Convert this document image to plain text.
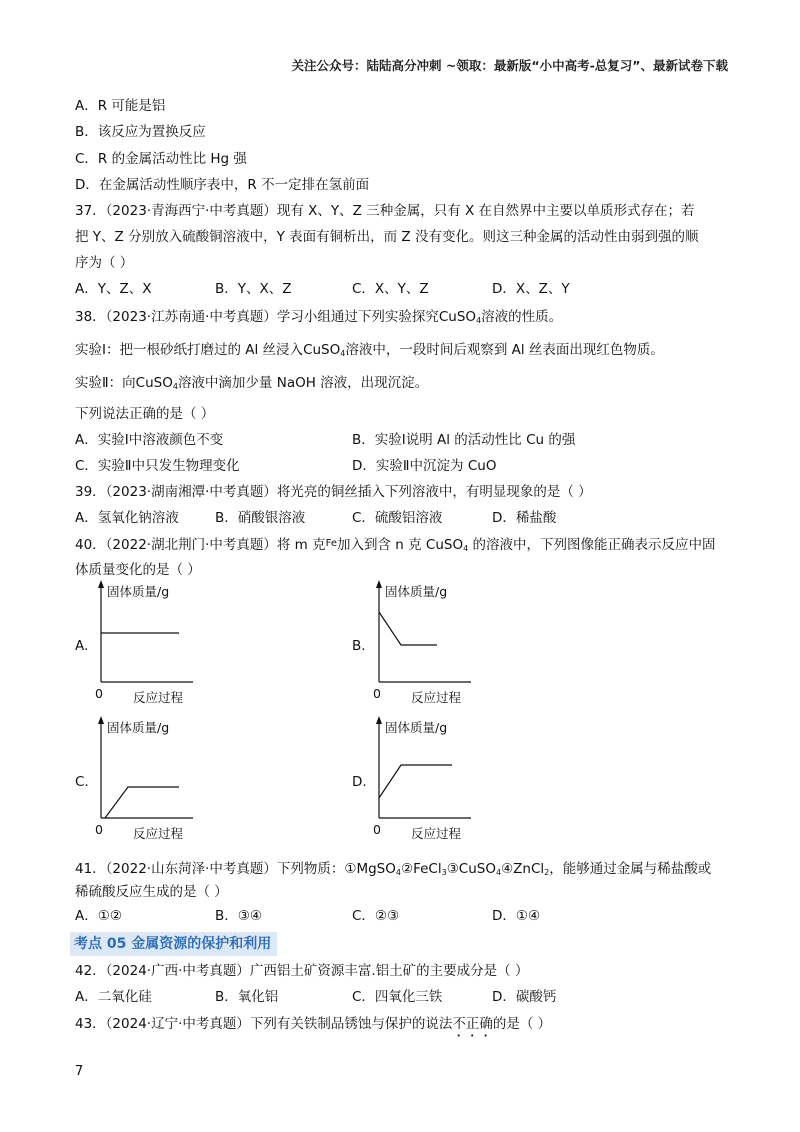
关注公众号：陆陆高分冲刺 ~领取：最新版“小中高考-总复习”、最新试卷下载
A．R 可能是铝
B．该反应为置换反应
C．R 的金属活动性比 Hg 强
D．在金属活动性顺序表中，R 不一定排在氢前面
37．（2023·青海西宁·中考真题）现有 X、Y、Z 三种金属，只有 X 在自然界中主要以单质形式存在；若
把 Y、Z 分别放入硫酸铜溶液中，Y 表面有铜析出，而 Z 没有变化。则这三种金属的活动性由弱到强的顺
序为（ ）
A．Y、Z、X	B．Y、X、Z	C．X、Y、Z	D．X、Z、Y
38．（2023·江苏南通·中考真题）学习小组通过下列实验探究CuSO$_4$溶液的性质。
实验Ⅰ：把一根砂纸打磨过的 Al 丝浸入CuSO$_4$溶液中，一段时间后观察到 Al 丝表面出现红色物质。
实验Ⅱ：向CuSO$_4$溶液中滴加少量 NaOH 溶液，出现沉淀。
下列说法正确的是（ ）
A．实验Ⅰ中溶液颜色不变	B．实验Ⅰ说明 Al 的活动性比 Cu 的强
C．实验Ⅱ中只发生物理变化	D．实验Ⅱ中沉淀为 CuO
39．（2023·湖南湘潭·中考真题）将光亮的铜丝插入下列溶液中，有明显现象的是（ ）
A．氢氧化钠溶液	B．硝酸银溶液	C．硫酸铝溶液	D．稀盐酸
40．（2022·湖北荆门·中考真题）将 m 克$^{Fe}$加入到含 n 克 CuSO$_4$ 的溶液中，下列图像能正确表示反应中固
体质量变化的是（ ）
A.
固体质量/g
0 反应过程
B.
固体质量/g
0 反应过程
C.
固体质量/g
0 反应过程
D.
固体质量/g
0 反应过程
41．（2022·山东菏泽·中考真题）下列物质：①MgSO$_4$②FeCl$_3$③CuSO$_4$④ZnCl$_2$，能够通过金属与稀盐酸或
稀硫酸反应生成的是（ ）
A．①②	B．③④	C．②③	D．①④
考点 05 金属资源的保护和利用
42．（2024·广西·中考真题）广西铝土矿资源丰富.铝土矿的主要成分是（ ）
A．二氧化硅	B．氧化铝	C．四氧化三铁	D．碳酸钙
43．（2024·辽宁·中考真题）下列有关铁制品锈蚀与保护的说法不正确的是（ ）
7
